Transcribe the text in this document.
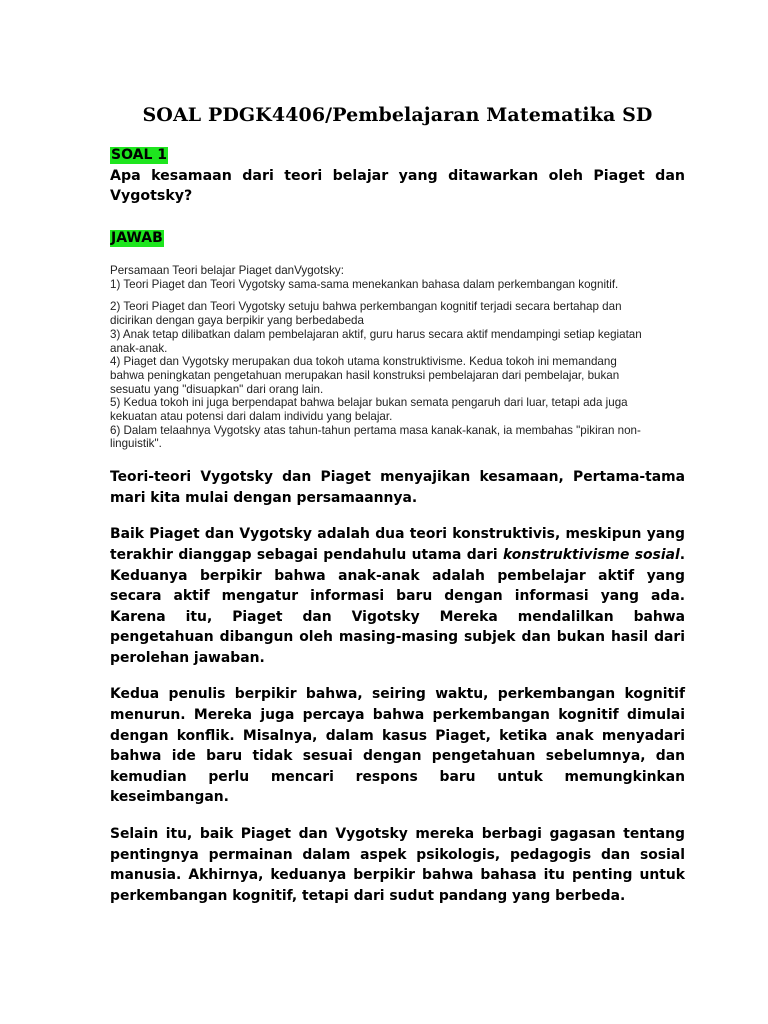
SOAL PDGK4406/Pembelajaran Matematika SD
SOAL 1

Apa kesamaan dari teori belajar yang ditawarkan oleh Piaget dan Vygotsky?

JAWAB

Persamaan Teori belajar Piaget danVygotsky:

1) Teori Piaget dan Teori Vygotsky sama-sama menekankan bahasa dalam perkembangan kognitif.

2) Teori Piaget dan Teori Vygotsky setuju bahwa perkembangan kognitif terjadi secara bertahap dan

dicirikan dengan gaya berpikir yang berbedabeda

3) Anak tetap dilibatkan dalam pembelajaran aktif, guru harus secara aktif mendampingi setiap kegiatan

anak-anak.

4) Piaget dan Vygotsky merupakan dua tokoh utama konstruktivisme. Kedua tokoh ini memandang

bahwa peningkatan pengetahuan merupakan hasil konstruksi pembelajaran dari pembelajar, bukan

sesuatu yang "disuapkan" dari orang lain.

5) Kedua tokoh ini juga berpendapat bahwa belajar bukan semata pengaruh dari luar, tetapi ada juga

kekuatan atau potensi dari dalam individu yang belajar.

6) Dalam telaahnya Vygotsky atas tahun-tahun pertama masa kanak-kanak, ia membahas "pikiran non-

linguistik".

Teori-teori Vygotsky dan Piaget menyajikan kesamaan, Pertama-tama mari kita mulai dengan persamaannya.

Baik Piaget dan Vygotsky adalah dua teori konstruktivis, meskipun yang terakhir dianggap sebagai pendahulu utama dari konstruktivisme sosial. Keduanya berpikir bahwa anak-anak adalah pembelajar aktif yang secara aktif mengatur informasi baru dengan informasi yang ada. Karena itu, Piaget dan Vigotsky Mereka mendalilkan bahwa pengetahuan dibangun oleh masing-masing subjek dan bukan hasil dari perolehan jawaban.

Kedua penulis berpikir bahwa, seiring waktu, perkembangan kognitif menurun. Mereka juga percaya bahwa perkembangan kognitif dimulai dengan konflik. Misalnya, dalam kasus Piaget, ketika anak menyadari bahwa ide baru tidak sesuai dengan pengetahuan sebelumnya, dan kemudian perlu mencari respons baru untuk memungkinkan keseimbangan.

Selain itu, baik Piaget dan Vygotsky mereka berbagi gagasan tentang pentingnya permainan dalam aspek psikologis, pedagogis dan sosial manusia. Akhirnya, keduanya berpikir bahwa bahasa itu penting untuk perkembangan kognitif, tetapi dari sudut pandang yang berbeda.
